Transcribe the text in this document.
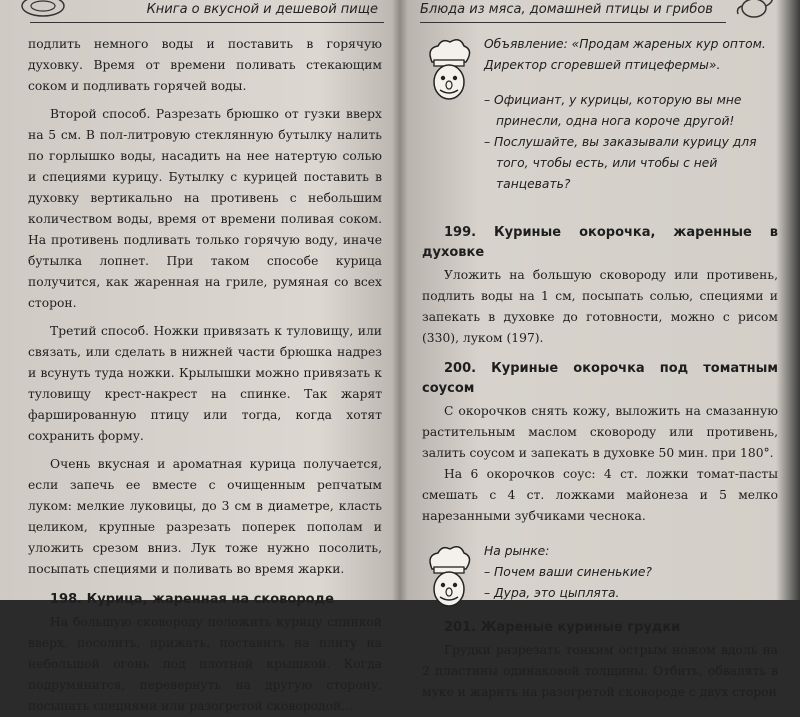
Книга о вкусной и дешевой пище

подлить немного воды и поставить в горячую духовку. Время от времени поливать стекающим соком и подливать горячей воды.

Второй способ. Разрезать брюшко от гузки вверх на 5 см. В пол-литровую стеклянную бутылку налить по горлышко воды, насадить на нее натертую солью и специями курицу. Бутылку с курицей поставить в духовку вертикально на противень с небольшим количеством воды, время от времени поливая соком. На противень подливать только горячую воду, иначе бутылка лопнет. При таком способе курица получится, как жаренная на гриле, румяная со всех сторон.

Третий способ. Ножки привязать к туловищу, или связать, или сделать в нижней части брюшка надрез и всунуть туда ножки. Крылышки можно привязать к туловищу крест-накрест на спинке. Так жарят фаршированную птицу или тогда, когда хотят сохранить форму.

Очень вкусная и ароматная курица получается, если запечь ее вместе с очищенным репчатым луком: мелкие луковицы, до 3 см в диаметре, класть целиком, крупные разрезать поперек пополам и уложить срезом вниз. Лук тоже нужно посолить, посыпать специями и поливать во время жарки.

198. Курица, жаренная на сковороде

На большую сковороду положить курицу спинкой вверх, посолить, прижать, поставить на плиту на небольшой огонь под плотной крышкой. Когда подрумянится, перевернуть на другую сторону, посыпать специями или разогретой сковородой...

Блюда из мяса, домашней птицы и грибов

Объявление: «Продам жареных кур оптом. Директор сгоревшей птицефермы».

– Официант, у курицы, которую вы мне принесли, одна нога короче другой!

– Послушайте, вы заказывали курицу для того, чтобы есть, или чтобы с ней танцевать?

199. Куриные окорочка, жаренные в духовке

Уложить на большую сковороду или противень, подлить воды на 1 см, посыпать солью, специями и запекать в духовке до готовности, можно с рисом (330), луком (197).

200. Куриные окорочка под томатным соусом

С окорочков снять кожу, выложить на смазанную растительным маслом сковороду или противень, залить соусом и запекать в духовке 50 мин. при 180°.

На 6 окорочков соус: 4 ст. ложки томат-пасты смешать с 4 ст. ложками майонеза и 5 мелко нарезанными зубчиками чеснока.

На рынке:

– Почем ваши синенькие?

– Дура, это цыплята.

201. Жареные куриные грудки

Грудки разрезать тонким острым ножом вдоль на 2 пластины одинаковой толщины. Отбить, обвалять в муке и жарить на разогретой сковороде с двух сторон
